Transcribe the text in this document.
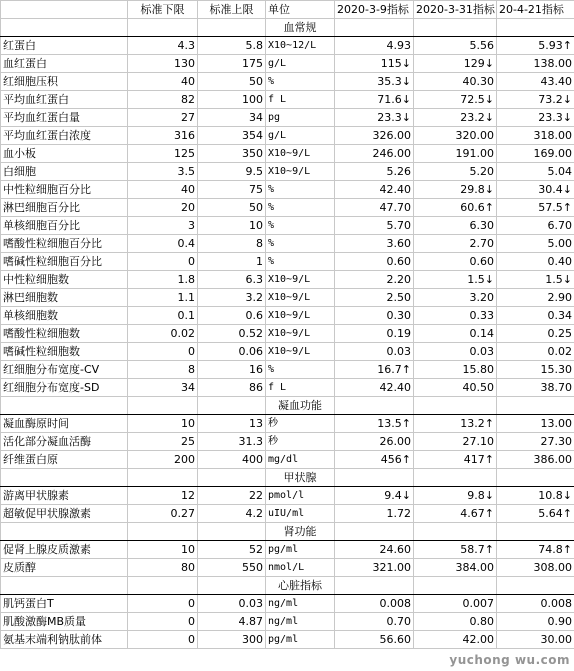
	标准下限	标准上限	单位	2020-3-9指标	2020-3-31指标	20-4-21指标
			血常规			
红蛋白	4.3	5.8	X10~12/L	4.93	5.56	5.93↑
血红蛋白	130	175	g/L	115↓	129↓	138.00
红细胞压积	40	50	%	35.3↓	40.30	43.40
平均血红蛋白	82	100	f L	71.6↓	72.5↓	73.2↓
平均血红蛋白量	27	34	pg	23.3↓	23.2↓	23.3↓
平均血红蛋白浓度	316	354	g/L	326.00	320.00	318.00
血小板	125	350	X10~9/L	246.00	191.00	169.00
白细胞	3.5	9.5	X10~9/L	5.26	5.20	5.04
中性粒细胞百分比	40	75	%	42.40	29.8↓	30.4↓
淋巴细胞百分比	20	50	%	47.70	60.6↑	57.5↑
单核细胞百分比	3	10	%	5.70	6.30	6.70
嗜酸性粒细胞百分比	0.4	8	%	3.60	2.70	5.00
嗜碱性粒细胞百分比	0	1	%	0.60	0.60	0.40
中性粒细胞数	1.8	6.3	X10~9/L	2.20	1.5↓	1.5↓
淋巴细胞数	1.1	3.2	X10~9/L	2.50	3.20	2.90
单核细胞数	0.1	0.6	X10~9/L	0.30	0.33	0.34
嗜酸性粒细胞数	0.02	0.52	X10~9/L	0.19	0.14	0.25
嗜碱性粒细胞数	0	0.06	X10~9/L	0.03	0.03	0.02
红细胞分布宽度-CV	8	16	%	16.7↑	15.80	15.30
红细胞分布宽度-SD	34	86	f L	42.40	40.50	38.70
			凝血功能			
凝血酶原时间	10	13	秒	13.5↑	13.2↑	13.00
活化部分凝血活酶	25	31.3	秒	26.00	27.10	27.30
纤维蛋白原	200	400	mg/dl	456↑	417↑	386.00
			甲状腺			
游离甲状腺素	12	22	pmol/l	9.4↓	9.8↓	10.8↓
超敏促甲状腺激素	0.27	4.2	uIU/ml	1.72	4.67↑	5.64↑
			肾功能			
促肾上腺皮质激素	10	52	pg/ml	24.60	58.7↑	74.8↑
皮质醇	80	550	nmol/L	321.00	384.00	308.00
			心脏指标			
肌钙蛋白T	0	0.03	ng/ml	0.008	0.007	0.008
肌酸激酶MB质量	0	4.87	ng/ml	0.70	0.80	0.90
氨基末端利钠肽前体	0	300	pg/ml	56.60	42.00	30.00
yuchong wu.com
